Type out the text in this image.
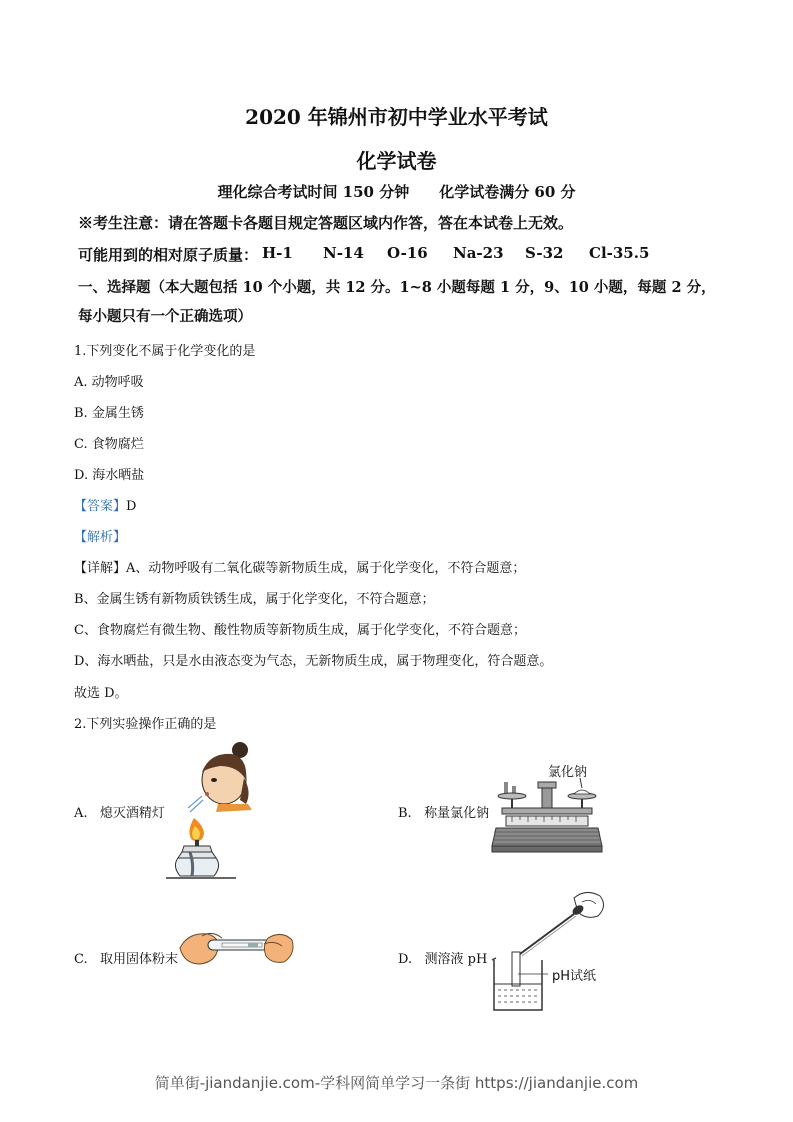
2020 年锦州市初中学业水平考试
化学试卷
理化综合考试时间 150 分钟　　化学试卷满分 60 分
※考生注意：请在答题卡各题目规定答题区域内作答，答在本试卷上无效。
可能用到的相对原子质量： H-1 N-14 O-16 Na-23 S-32 Cl-35.5
一、选择题（本大题包括 10 个小题，共 12 分。1~8 小题每题 1 分，9、10 小题，每题 2 分，
每小题只有一个正确选项）
1.下列变化不属于化学变化的是
A. 动物呼吸
B. 金属生锈
C. 食物腐烂
D. 海水晒盐
【答案】D
【解析】
【详解】A、动物呼吸有二氧化碳等新物质生成，属于化学变化，不符合题意；
B、金属生锈有新物质铁锈生成，属于化学变化，不符合题意；
C、食物腐烂有微生物、酸性物质等新物质生成，属于化学变化，不符合题意；
D、海水晒盐，只是水由液态变为气态，无新物质生成，属于物理变化，符合题意。
故选 D。
2.下列实验操作正确的是
A.   熄灭酒精灯	B.   称量氯化钠
C.   取用固体粉末	D.   测溶液 pH
氯化钠
pH试纸
简单街-jiandanjie.com-学科网简单学习一条街 https://jiandanjie.com
